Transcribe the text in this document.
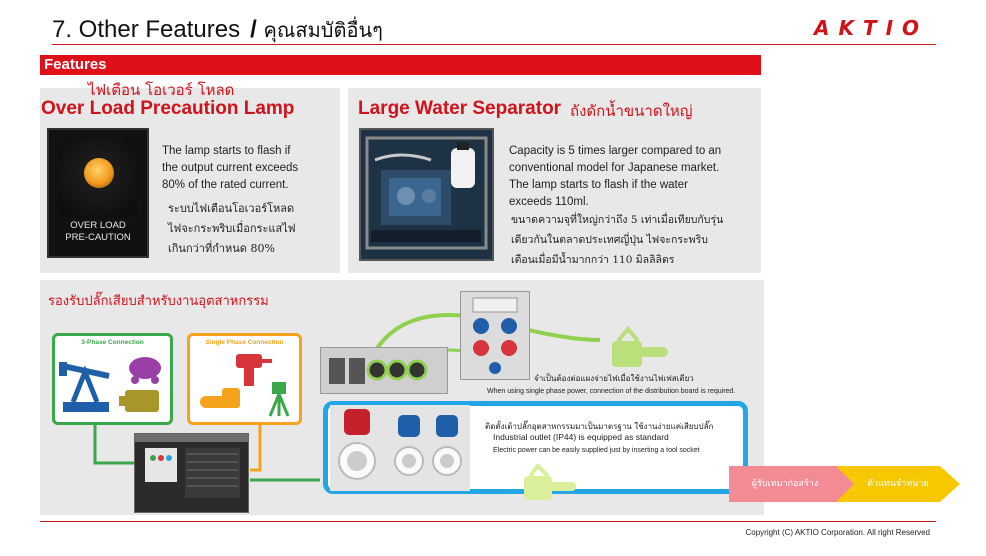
7. Other Features / คุณสมบัติอื่นๆ	AKTIO
Features
ไฟเตือน โอเวอร์ โหลด
Over Load Precaution Lamp
OVER LOAD
PRE-CAUTION
The lamp starts to flash if
the output current exceeds
80% of the rated current.
ระบบไฟเตือนโอเวอร์โหลด
ไฟจะกระพริบเมื่อกระแสไฟ
เกินกว่าที่กำหนด 80%
Large Water Separator ถังดักน้ำขนาดใหญ่
Capacity is 5 times larger compared to an
conventional model for Japanese market.
The lamp starts to flash if the water
exceeds 110ml.
ขนาดความจุที่ใหญ่กว่าถึง 5 เท่าเมื่อเทียบกับรุ่น
เดียวกันในตลาดประเทศญี่ปุ่น ไฟจะกระพริบ
เตือนเมื่อมีน้ำมากกว่า 110 มิลลิลิตร
รองรับปลั๊กเสียบสำหรับงานอุตสาหกรรม
3-Phase Connection	Single Phase Connection
จำเป็นต้องต่อแผงจ่ายไฟเมื่อใช้งานไฟเฟสเดียว
When using single phase power, connection of the distribution board is required.
ติดตั้งเต้าปลั๊กอุตสาหกรรมมาเป็นมาตรฐาน ใช้งานง่ายแค่เสียบปลั๊ก
Industrial outlet (IP44) is equipped as standard
Electric power can be easily supplied just by inserting a tool socket
ผู้รับเหมาก่อสร้าง	ตัวแทนจำหน่าย
Copyright (C) AKTIO Corporation. All right Reserved
